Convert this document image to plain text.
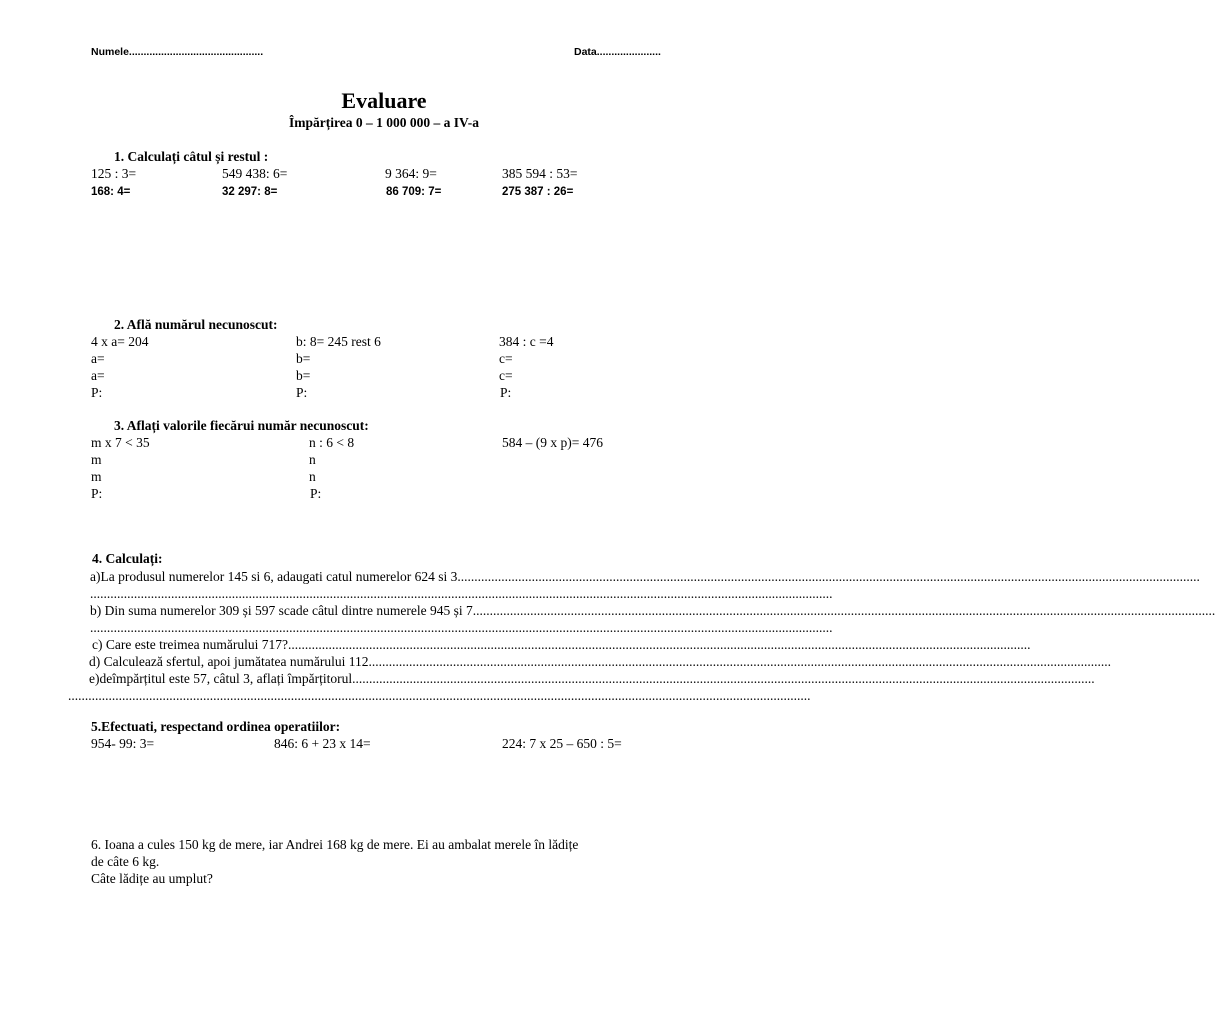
Numele..............................................	Data......................
Evaluare
Împărțirea 0 – 1 000 000 – a IV-a
1. Calculați câtul și restul :
125 : 3=	549 438: 6=	9 364: 9=	385 594 : 53=
168: 4=	32 297: 8=	86 709: 7=	275 387 : 26=
2. Află numărul necunoscut:
4 x a= 204	b: 8= 245 rest 6	384 : c =4
a=	b=	c=
a=	b=	c=
P:	P:	P:
3. Aflați valorile fiecărui număr necunoscut:
m x 7 < 35	n : 6 < 8	584 – (9 x p)= 476
m	n
m	n
P:	P:
4. Calculați:
a)La produsul numerelor 145 si 6, adaugati catul numerelor 624 si 3............................................................................................................................................................................................................................
............................................................................................................................................................................................................................
b) Din suma numerelor 309 și 597 scade câtul dintre numerele 945 și 7............................................................................................................................................................................................................................
............................................................................................................................................................................................................................
c) Care este treimea numărului 717?............................................................................................................................................................................................................................
d) Calculează sfertul, apoi jumătatea numărului 112............................................................................................................................................................................................................................
e)deîmpărțitul este 57, câtul 3, aflați împărțitorul............................................................................................................................................................................................................................
............................................................................................................................................................................................................................
5.Efectuati, respectand ordinea operatiilor:
954- 99: 3=	846: 6 + 23 x 14=	224: 7 x 25 – 650 : 5=
6. Ioana a cules 150 kg de mere, iar Andrei 168 kg de mere. Ei au ambalat merele în lădițe
de câte 6 kg.
Câte lădițe au umplut?
